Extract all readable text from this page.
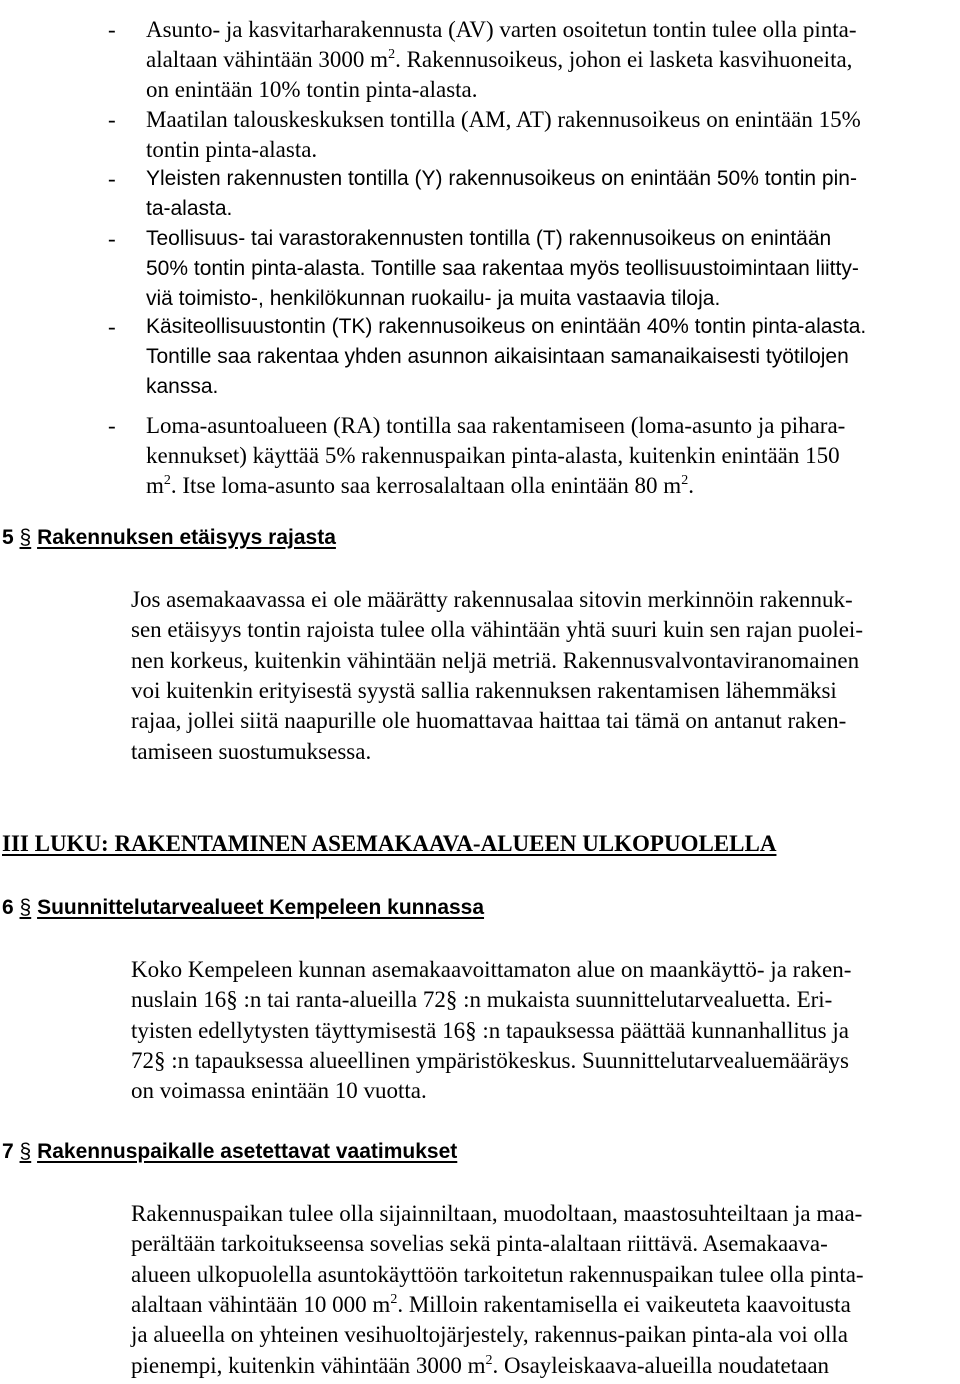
- Asunto- ja kasvitarharakennusta (AV) varten osoitetun tontin tulee olla pinta-
alaltaan vähintään 3000 $m^2$. Rakennusoikeus, johon ei lasketa kasvihuoneita,
on enintään 10% tontin pinta-alasta.
- Maatilan talouskeskuksen tontilla (AM, AT) rakennusoikeus on enintään 15%
tontin pinta-alasta.
- Yleisten rakennusten tontilla (Y) rakennusoikeus on enintään 50% tontin pin-
ta-alasta.
- Teollisuus- tai varastorakennusten tontilla (T) rakennusoikeus on enintään
50% tontin pinta-alasta. Tontille saa rakentaa myös teollisuustoimintaan liitty-
viä toimisto-, henkilökunnan ruokailu- ja muita vastaavia tiloja.
- Käsiteollisuustontin (TK) rakennusoikeus on enintään 40% tontin pinta-alasta.
Tontille saa rakentaa yhden asunnon aikaisintaan samanaikaisesti työtilojen
kanssa.
- Loma-asuntoalueen (RA) tontilla saa rakentamiseen (loma-asunto ja pihara-
kennukset) käyttää 5% rakennuspaikan pinta-alasta, kuitenkin enintään 150
$m^2$. Itse loma-asunto saa kerrosalaltaan olla enintään 80 $m^2$.
5 § Rakennuksen etäisyys rajasta
Jos asemakaavassa ei ole määrätty rakennusalaa sitovin merkinnöin rakennuk-
sen etäisyys tontin rajoista tulee olla vähintään yhtä suuri kuin sen rajan puolei-
nen korkeus, kuitenkin vähintään neljä metriä. Rakennusvalvontaviranomainen
voi kuitenkin erityisestä syystä sallia rakennuksen rakentamisen lähemmäksi
rajaa, jollei siitä naapurille ole huomattavaa haittaa tai tämä on antanut raken-
tamiseen suostumuksessa.
III LUKU: RAKENTAMINEN ASEMAKAAVA-ALUEEN ULKOPUOLELLA
6 § Suunnittelutarvealueet Kempeleen kunnassa
Koko Kempeleen kunnan asemakaavoittamaton alue on maankäyttö- ja raken-
nuslain 16§ :n tai ranta-alueilla 72§ :n mukaista suunnittelutarvealuetta. Eri-
tyisten edellytysten täyttymisestä 16§ :n tapauksessa päättää kunnanhallitus ja
72§ :n tapauksessa alueellinen ympäristökeskus. Suunnittelutarvealuemääräys
on voimassa enintään 10 vuotta.
7 § Rakennuspaikalle asetettavat vaatimukset
Rakennuspaikan tulee olla sijainniltaan, muodoltaan, maastosuhteiltaan ja maa-
perältään tarkoitukseensa sovelias sekä pinta-alaltaan riittävä. Asemakaava-
alueen ulkopuolella asuntokäyttöön tarkoitetun rakennuspaikan tulee olla pinta-
alaltaan vähintään 10 000 $m^2$. Milloin rakentamisella ei vaikeuteta kaavoitusta
ja alueella on yhteinen vesihuoltojärjestely, rakennus-paikan pinta-ala voi olla
pienempi, kuitenkin vähintään 3000 $m^2$. Osayleiskaava-alueilla noudatetaan
